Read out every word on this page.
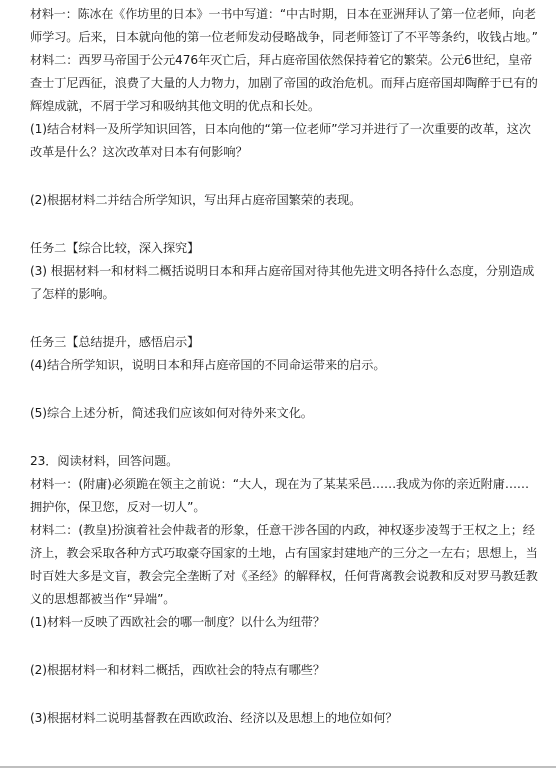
材料一：陈冰在《作坊里的日本》一书中写道：“中古时期，日本在亚洲拜认了第一位老师，向老
师学习。后来，日本就向他的第一位老师发动侵略战争，同老师签订了不平等条约，收钱占地。”
材料二：西罗马帝国于公元476年灭亡后，拜占庭帝国依然保持着它的繁荣。公元6世纪，皇帝
查士丁尼西征，浪费了大量的人力物力，加剧了帝国的政治危机。而拜占庭帝国却陶醉于已有的
辉煌成就，不屑于学习和吸纳其他文明的优点和长处。
(1)结合材料一及所学知识回答，日本向他的“第一位老师”学习并进行了一次重要的改革，这次
改革是什么？这次改革对日本有何影响？
(2)根据材料二并结合所学知识，写出拜占庭帝国繁荣的表现。
任务二【综合比较，深入探究】
(3) 根据材料一和材料二概括说明日本和拜占庭帝国对待其他先进文明各持什么态度，分别造成
了怎样的影响。
任务三【总结提升，感悟启示】
(4)结合所学知识，说明日本和拜占庭帝国的不同命运带来的启示。
(5)综合上述分析，简述我们应该如何对待外来文化。
23．阅读材料，回答问题。
材料一：(附庸)必须跪在领主之前说：“大人，现在为了某某采邑……我成为你的亲近附庸……
拥护你，保卫您，反对一切人”。
材料二：(教皇)扮演着社会仲裁者的形象，任意干涉各国的内政，神权逐步凌驾于王权之上；经
济上，教会采取各种方式巧取豪夺国家的土地，占有国家封建地产的三分之一左右；思想上，当
时百姓大多是文盲，教会完全垄断了对《圣经》的解释权，任何背离教会说教和反对罗马教廷教
义的思想都被当作“异端”。
(1)材料一反映了西欧社会的哪一制度？以什么为纽带？
(2)根据材料一和材料二概括，西欧社会的特点有哪些？
(3)根据材料二说明基督教在西欧政治、经济以及思想上的地位如何？
